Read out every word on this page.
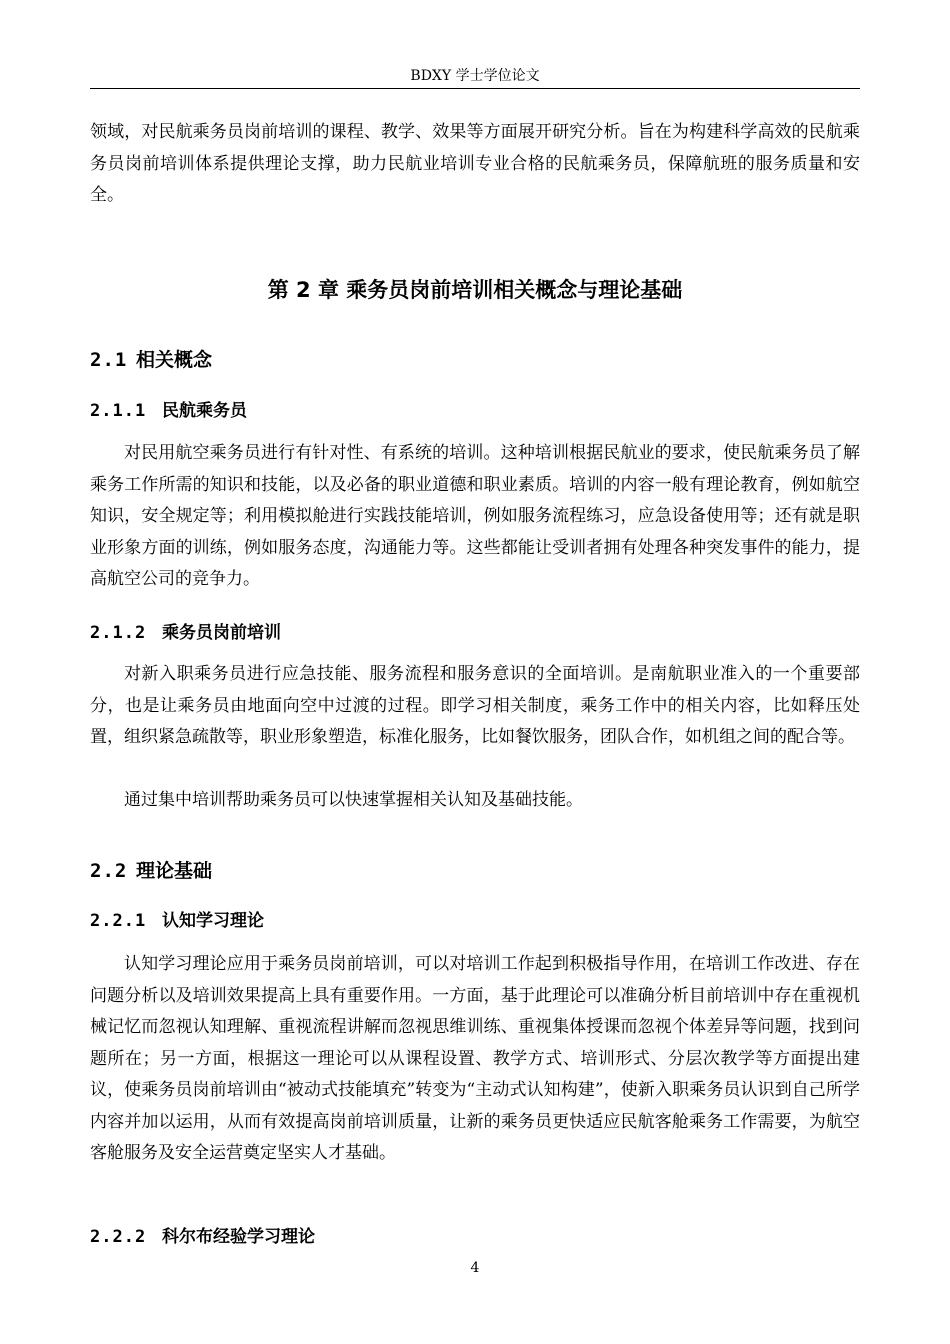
BDXY 学士学位论文

领域，对民航乘务员岗前培训的课程、教学、效果等方面展开研究分析。旨在为构建科学高效的民航乘务员岗前培训体系提供理论支撑，助力民航业培训专业合格的民航乘务员，保障航班的服务质量和安全。

第 2 章 乘务员岗前培训相关概念与理论基础
2.1 相关概念
2.1.1 民航乘务员

对民用航空乘务员进行有针对性、有系统的培训。这种培训根据民航业的要求，使民航乘务员了解乘务工作所需的知识和技能，以及必备的职业道德和职业素质。培训的内容一般有理论教育，例如航空知识，安全规定等；利用模拟舱进行实践技能培训，例如服务流程练习，应急设备使用等；还有就是职业形象方面的训练，例如服务态度，沟通能力等。这些都能让受训者拥有处理各种突发事件的能力，提高航空公司的竞争力。

2.1.2 乘务员岗前培训

对新入职乘务员进行应急技能、服务流程和服务意识的全面培训。是南航职业准入的一个重要部分，也是让乘务员由地面向空中过渡的过程。即学习相关制度，乘务工作中的相关内容，比如释压处置，组织紧急疏散等，职业形象塑造，标准化服务，比如餐饮服务，团队合作，如机组之间的配合等。

通过集中培训帮助乘务员可以快速掌握相关认知及基础技能。

2.2 理论基础
2.2.1 认知学习理论

认知学习理论应用于乘务员岗前培训，可以对培训工作起到积极指导作用，在培训工作改进、存在问题分析以及培训效果提高上具有重要作用。一方面，基于此理论可以准确分析目前培训中存在重视机械记忆而忽视认知理解、重视流程讲解而忽视思维训练、重视集体授课而忽视个体差异等问题，找到问题所在；另一方面，根据这一理论可以从课程设置、教学方式、培训形式、分层次教学等方面提出建议，使乘务员岗前培训由“被动式技能填充”转变为“主动式认知构建”，使新入职乘务员认识到自己所学内容并加以运用，从而有效提高岗前培训质量，让新的乘务员更快适应民航客舱乘务工作需要，为航空客舱服务及安全运营奠定坚实人才基础。

2.2.2 科尔布经验学习理论
4
